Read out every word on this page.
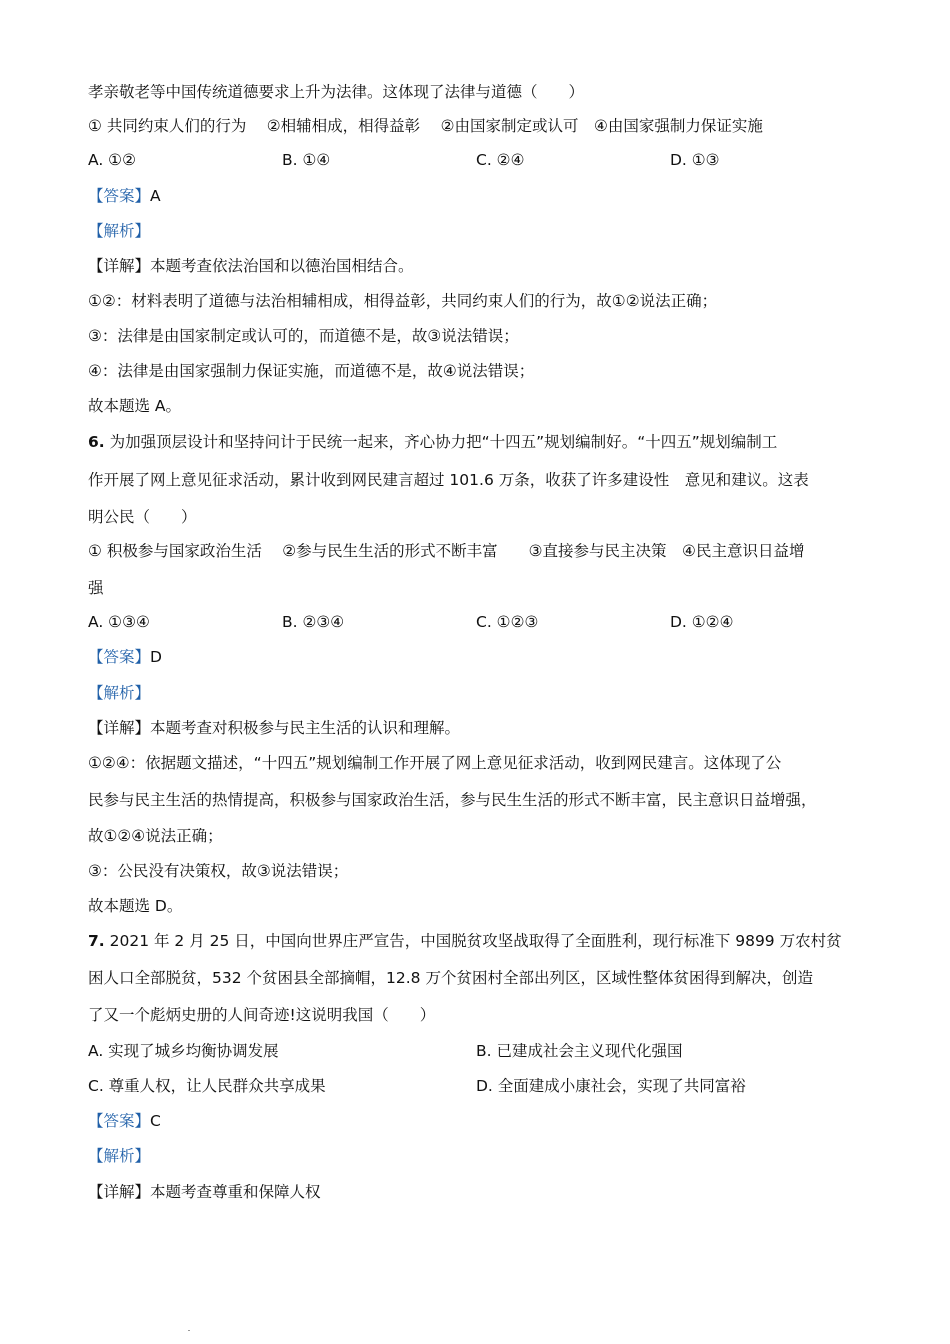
孝亲敬老等中国传统道德要求上升为法律。这体现了法律与道德（　　）
① 共同约束人们的行为　 ②相辅相成，相得益彰　 ②由国家制定或认可　④由国家强制力保证实施
A. ①②	B. ①④	C. ②④	D. ①③
【答案】A
【解析】
【详解】本题考查依法治国和以德治国相结合。
①②：材料表明了道德与法治相辅相成，相得益彰，共同约束人们的行为，故①②说法正确；
③：法律是由国家制定或认可的，而道德不是，故③说法错误；
④：法律是由国家强制力保证实施，而道德不是，故④说法错误；
故本题选 A。
6. 为加强顶层设计和坚持问计于民统一起来，齐心协力把“十四五”规划编制好。“十四五”规划编制工
作开展了网上意见征求活动，累计收到网民建言超过 101.6 万条，收获了许多建设性　意见和建议。这表
明公民（　　）
① 积极参与国家政治生活　 ②参与民生生活的形式不断丰富　　③直接参与民主决策　④民主意识日益增
强
A. ①③④	B. ②③④	C. ①②③	D. ①②④
【答案】D
【解析】
【详解】本题考查对积极参与民主生活的认识和理解。
①②④：依据题文描述，“十四五”规划编制工作开展了网上意见征求活动，收到网民建言。这体现了公
民参与民主生活的热情提高，积极参与国家政治生活，参与民生生活的形式不断丰富，民主意识日益增强，
故①②④说法正确；
③：公民没有决策权，故③说法错误；
故本题选 D。
7. 2021 年 2 月 25 日，中国向世界庄严宣告，中国脱贫攻坚战取得了全面胜利，现行标准下 9899 万农村贫
困人口全部脱贫，532 个贫困县全部摘帽，12.8 万个贫困村全部出列区，区域性整体贫困得到解决，创造
了又一个彪炳史册的人间奇迹!这说明我国（　　）
A. 实现了城乡均衡协调发展	B. 已建成社会主义现代化强国
C. 尊重人权，让人民群众共享成果	D. 全面建成小康社会，实现了共同富裕
【答案】C
【解析】
【详解】本题考查尊重和保障人权
